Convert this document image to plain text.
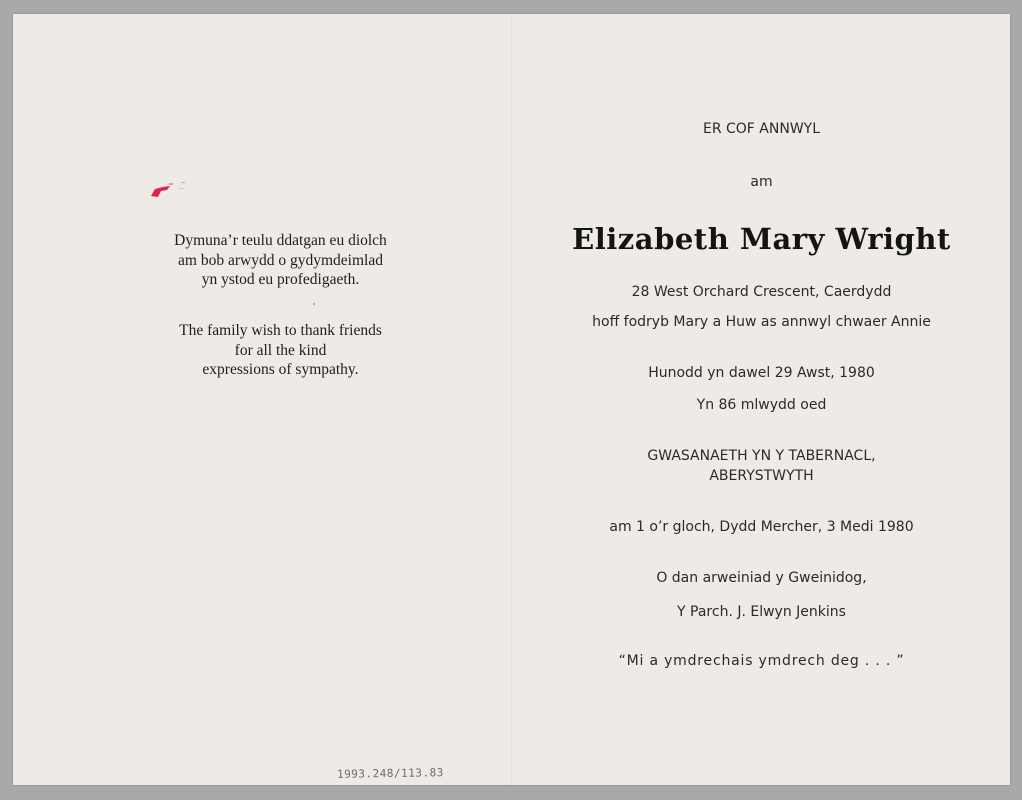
Dymuna’r teulu ddatgan eu diolch
am bob arwydd o gydymdeimlad
yn ystod eu profedigaeth.
The family wish to thank friends
for all the kind
expressions of sympathy.
1993.248/113.83
ER COF ANNWYL
am
Elizabeth Mary Wright
28 West Orchard Crescent, Caerdydd
hoff fodryb Mary a Huw as annwyl chwaer Annie
Hunodd yn dawel 29 Awst, 1980
Yn 86 mlwydd oed
GWASANAETH YN Y TABERNACL,
ABERYSTWYTH
am 1 o’r gloch, Dydd Mercher, 3 Medi 1980
O dan arweiniad y Gweinidog,
Y Parch. J. Elwyn Jenkins
“Mi a ymdrechais ymdrech deg . . . ”
